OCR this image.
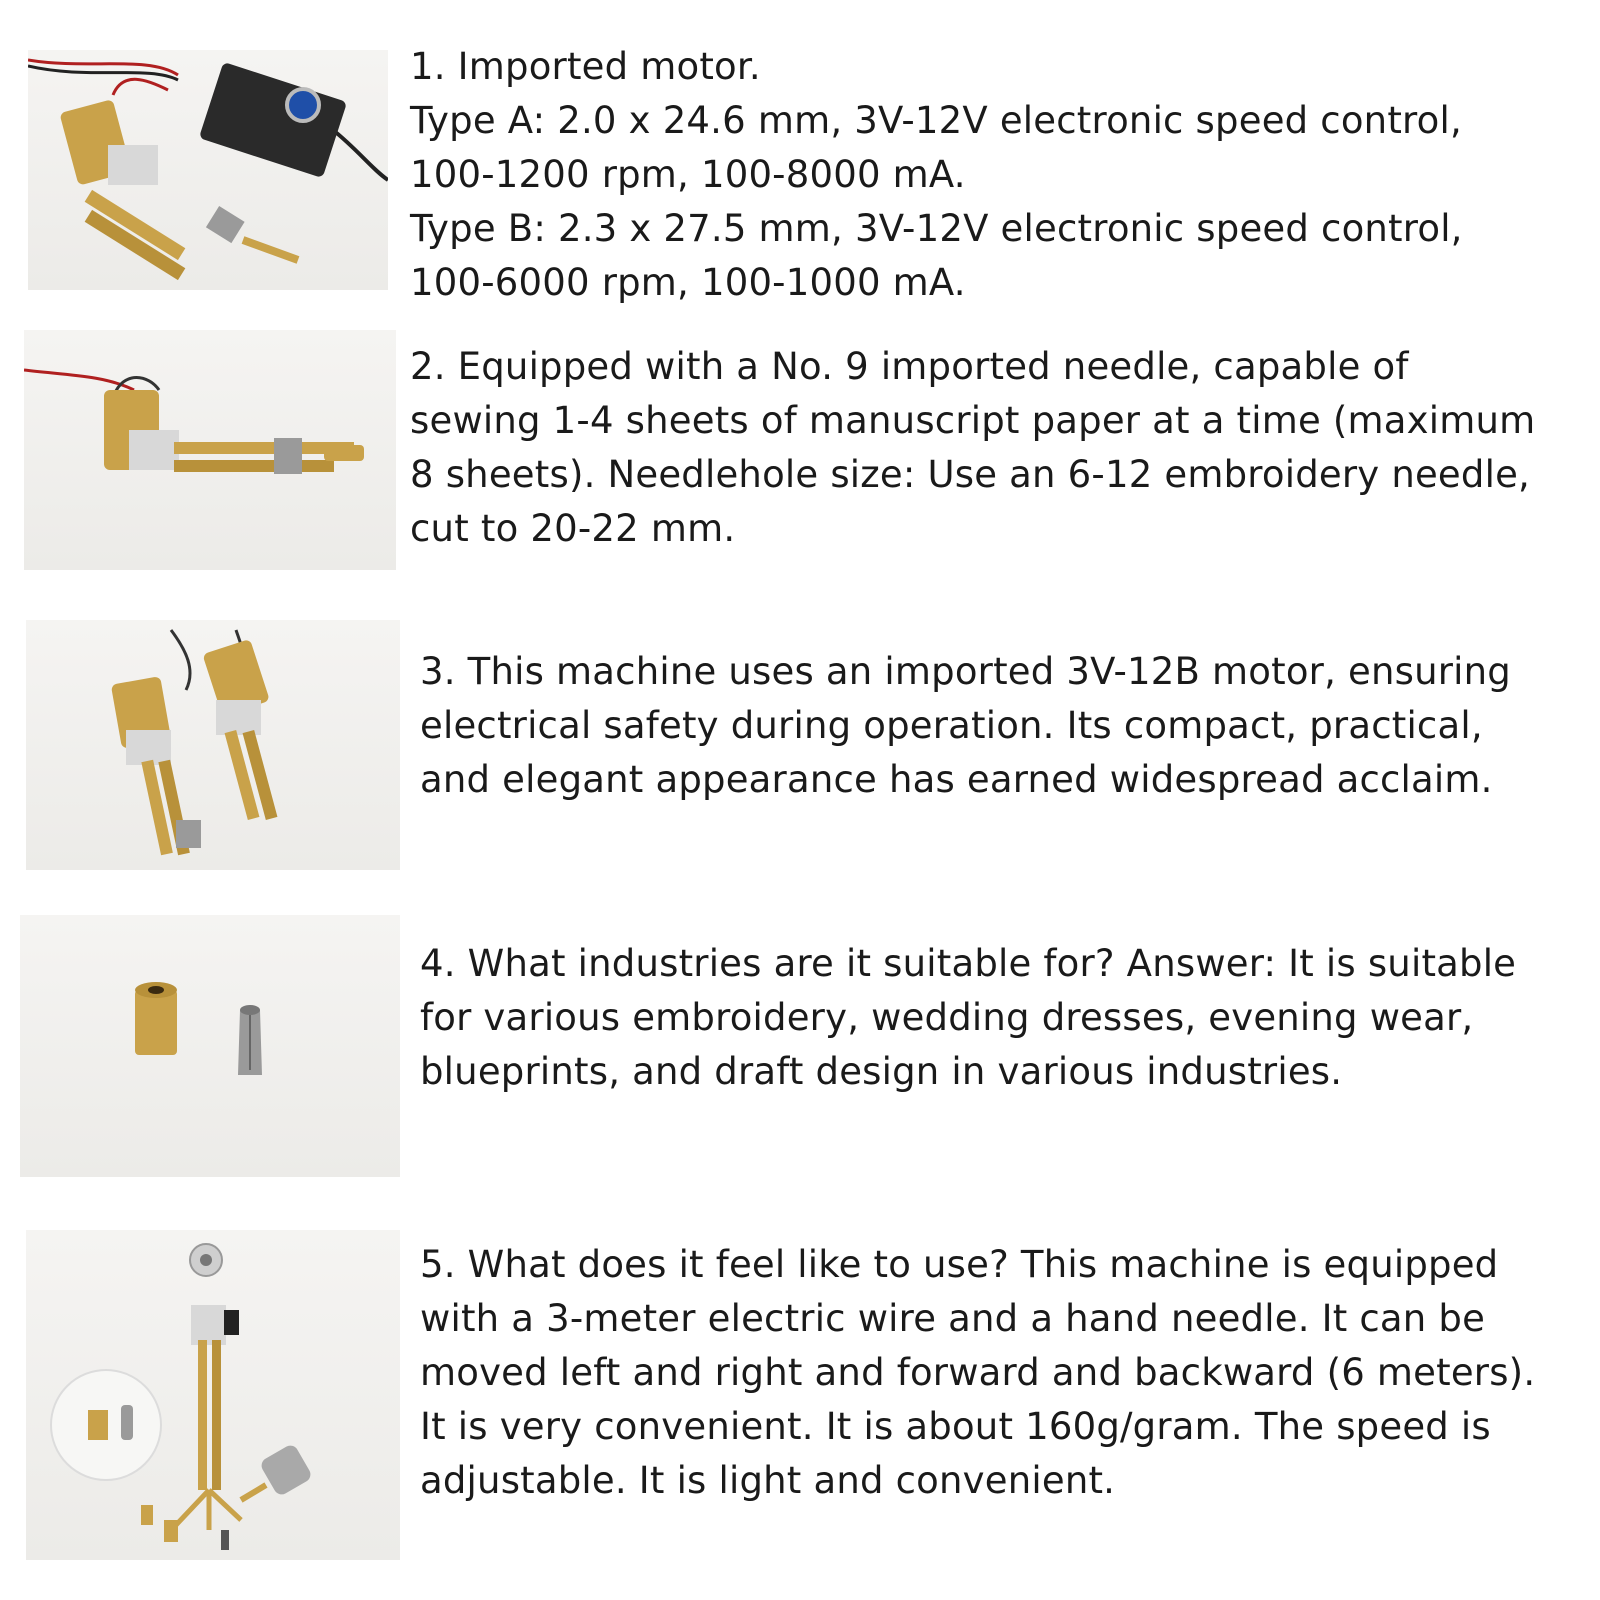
1. Imported motor.

Type A: 2.0 x 24.6 mm, 3V-12V electronic speed control,

100-1200 rpm, 100-8000 mA.

Type B: 2.3 x 27.5 mm, 3V-12V electronic speed control,

100-6000 rpm, 100-1000 mA.

2. Equipped with a No. 9 imported needle, capable of

sewing 1-4 sheets of manuscript paper at a time (maximum

8 sheets). Needlehole size: Use an 6-12 embroidery needle,

cut to 20-22 mm.

3. This machine uses an imported 3V-12B motor, ensuring

electrical safety during operation. Its compact, practical,

and elegant appearance has earned widespread acclaim.

4. What industries are it suitable for? Answer: It is suitable

for various embroidery, wedding dresses, evening wear,

blueprints, and draft design in various industries.

5. What does it feel like to use? This machine is equipped

with a 3-meter electric wire and a hand needle. It can be

moved left and right and forward and backward (6 meters).

It is very convenient. It is about 160g/gram. The speed is

adjustable. It is light and convenient.
